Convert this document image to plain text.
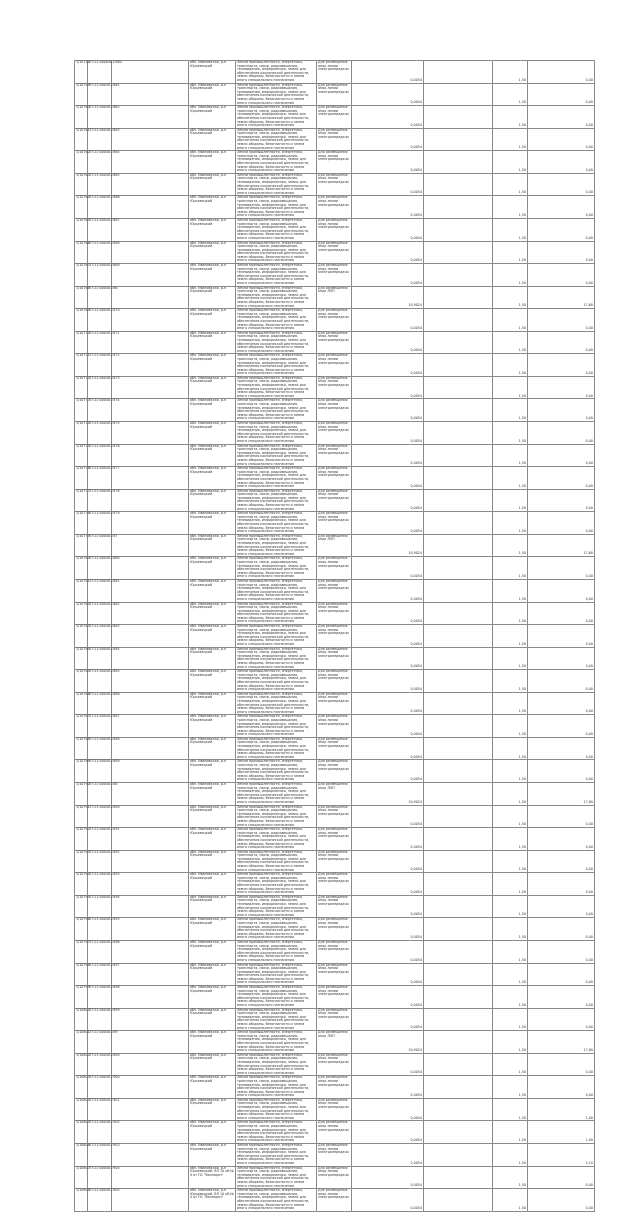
1/10758	27:22:0000401:860		обл. Ивановская, р-н Юрьевецкий	Земли промышленности, энергетики, транспорта, связи, радиовещания, телевидения, информатики, земли для обеспечения космической деятельности, земли обороны, безопасности и земли иного специального назначения	Для размещения опор линии электропередачи	0,0054		1,50	0,00

1/10759	37:22:000401:861		обл. Ивановская, р-н Юрьевецкий	Земли промышленности, энергетики, транспорта, связи, радиовещания, телевидения, информатики, земли для обеспечения космической деятельности, земли обороны, безопасности и земли иного специального назначения	Для размещения опор линии электропередачи	0,0054		1,50	0,00

1/10760	37:22:000401:862		обл. Ивановская, р-н Юрьевецкий	Земли промышленности, энергетики, транспорта, связи, радиовещания, телевидения, информатики, земли для обеспечения космической деятельности, земли обороны, безопасности и земли иного специального назначения	Для размещения опор линии электропередачи	0,0054		1,50	0,00

1/10761	37:22:000401:863		обл. Ивановская, р-н Юрьевецкий	Земли промышленности, энергетики, транспорта, связи, радиовещания, телевидения, информатики, земли для обеспечения космической деятельности, земли обороны, безопасности и земли иного специального назначения	Для размещения опор линии электропередачи	0,0054		1,50	0,00

1/10762	37:22:000401:864		обл. Ивановская, р-н Юрьевецкий	Земли промышленности, энергетики, транспорта, связи, радиовещания, телевидения, информатики, земли для обеспечения космической деятельности, земли обороны, безопасности и земли иного специального назначения	Для размещения опор линии электропередачи	0,0054		1,50	0,00

1/10763	37:22:000401:865		обл. Ивановская, р-н Юрьевецкий	Земли промышленности, энергетики, транспорта, связи, радиовещания, телевидения, информатики, земли для обеспечения космической деятельности, земли обороны, безопасности и земли иного специального назначения	Для размещения опор линии электропередачи	0,0054		1,50	0,00

1/10764	37:22:000401:866		обл. Ивановская, р-н Юрьевецкий	Земли промышленности, энергетики, транспорта, связи, радиовещания, телевидения, информатики, земли для обеспечения космической деятельности, земли обороны, безопасности и земли иного специального назначения	Для размещения опор линии электропередачи	0,0054		1,50	0,00

1/10765	37:22:000401:867		обл. Ивановская, р-н Юрьевецкий	Земли промышленности, энергетики, транспорта, связи, радиовещания, телевидения, информатики, земли для обеспечения космической деятельности, земли обороны, безопасности и земли иного специального назначения	Для размещения опор линии электропередачи	0,0054		1,50	0,00

1/10766	37:22:000401:868		обл. Ивановская, р-н Юрьевецкий	Земли промышленности, энергетики, транспорта, связи, радиовещания, телевидения, информатики, земли для обеспечения космической деятельности, земли обороны, безопасности и земли иного специального назначения	Для размещения опор линии электропередачи	0,0054		1,50	0,00

1/10767	37:22:000401:869		обл. Ивановская, р-н Юрьевецкий	Земли промышленности, энергетики, транспорта, связи, радиовещания, телевидения, информатики, земли для обеспечения космической деятельности, земли обороны, безопасности и земли иного специального назначения	Для размещения опор линии электропередачи	0,0054		1,50	0,00

1/10768	37:22:000401:86		обл. Ивановская, р-н Юрьевецкий	Земли промышленности, энергетики, транспорта, связи, радиовещания, телевидения, информатики, земли для обеспечения космической деятельности, земли обороны, безопасности и земли иного специального назначения	Для размещения опор ЛЭП	10,9024		1,50	17,60

1/10769	37:22:000401:870		обл. Ивановская, р-н Юрьевецкий	Земли промышленности, энергетики, транспорта, связи, радиовещания, телевидения, информатики, земли для обеспечения космической деятельности, земли обороны, безопасности и земли иного специального назначения	Для размещения опор линии электропередачи	0,0054		1,50	0,00

1/10770	37:22:000401:871		обл. Ивановская, р-н Юрьевецкий	Земли промышленности, энергетики, транспорта, связи, радиовещания, телевидения, информатики, земли для обеспечения космической деятельности, земли обороны, безопасности и земли иного специального назначения	Для размещения опор линии электропередачи	0,0054		1,50	0,00

1/10771	37:22:000401:872		обл. Ивановская, р-н Юрьевецкий	Земли промышленности, энергетики, транспорта, связи, радиовещания, телевидения, информатики, земли для обеспечения космической деятельности, земли обороны, безопасности и земли иного специального назначения	Для размещения опор линии электропередачи	0,0054		1,50	0,00

1/10772	37:22:000401:873		обл. Ивановская, р-н Юрьевецкий	Земли промышленности, энергетики, транспорта, связи, радиовещания, телевидения, информатики, земли для обеспечения космической деятельности, земли обороны, безопасности и земли иного специального назначения	Для размещения опор линии электропередачи	0,0054		1,50	0,00

1/10773	37:22:000401:874		обл. Ивановская, р-н Юрьевецкий	Земли промышленности, энергетики, транспорта, связи, радиовещания, телевидения, информатики, земли для обеспечения космической деятельности, земли обороны, безопасности и земли иного специального назначения	Для размещения опор линии электропередачи	0,0054		1,50	0,00

1/10774	37:22:000401:875		обл. Ивановская, р-н Юрьевецкий	Земли промышленности, энергетики, транспорта, связи, радиовещания, телевидения, информатики, земли для обеспечения космической деятельности, земли обороны, безопасности и земли иного специального назначения	Для размещения опор линии электропередачи	0,0054		1,50	0,00

1/10775	37:22:000401:876		обл. Ивановская, р-н Юрьевецкий	Земли промышленности, энергетики, транспорта, связи, радиовещания, телевидения, информатики, земли для обеспечения космической деятельности, земли обороны, безопасности и земли иного специального назначения	Для размещения опор линии электропередачи	0,0054		1,50	0,00

1/10776	37:22:000401:877		обл. Ивановская, р-н Юрьевецкий	Земли промышленности, энергетики, транспорта, связи, радиовещания, телевидения, информатики, земли для обеспечения космической деятельности, земли обороны, безопасности и земли иного специального назначения	Для размещения опор линии электропередачи	0,0054		1,50	0,00

1/10777	37:22:000401:878		обл. Ивановская, р-н Юрьевецкий	Земли промышленности, энергетики, транспорта, связи, радиовещания, телевидения, информатики, земли для обеспечения космической деятельности, земли обороны, безопасности и земли иного специального назначения	Для размещения опор линии электропередачи	0,0054		1,50	0,00

1/10778	37:22:000401:879		обл. Ивановская, р-н Юрьевецкий	Земли промышленности, энергетики, транспорта, связи, радиовещания, телевидения, информатики, земли для обеспечения космической деятельности, земли обороны, безопасности и земли иного специального назначения	Для размещения опор линии электропередачи	0,0054		1,50	0,00

1/10779	37:22:000401:87		обл. Ивановская, р-н Юрьевецкий	Земли промышленности, энергетики, транспорта, связи, радиовещания, телевидения, информатики, земли для обеспечения космической деятельности, земли обороны, безопасности и земли иного специального назначения	Для размещения опор ЛЭП	10,9024		1,50	17,60

1/10780	37:22:000401:880		обл. Ивановская, р-н Юрьевецкий	Земли промышленности, энергетики, транспорта, связи, радиовещания, телевидения, информатики, земли для обеспечения космической деятельности, земли обороны, безопасности и земли иного специального назначения	Для размещения опор линии электропередачи	0,0054		1,50	0,00

1/10781	37:22:000401:881		обл. Ивановская, р-н Юрьевецкий	Земли промышленности, энергетики, транспорта, связи, радиовещания, телевидения, информатики, земли для обеспечения космической деятельности, земли обороны, безопасности и земли иного специального назначения	Для размещения опор линии электропередачи	0,0054		1,50	0,00

1/10782	37:22:000401:882		обл. Ивановская, р-н Юрьевецкий	Земли промышленности, энергетики, транспорта, связи, радиовещания, телевидения, информатики, земли для обеспечения космической деятельности, земли обороны, безопасности и земли иного специального назначения	Для размещения опор линии электропередачи	0,0054		1,50	0,00

1/10783	37:22:000401:883		обл. Ивановская, р-н Юрьевецкий	Земли промышленности, энергетики, транспорта, связи, радиовещания, телевидения, информатики, земли для обеспечения космической деятельности, земли обороны, безопасности и земли иного специального назначения	Для размещения опор линии электропередачи	0,0054		1,50	0,00

1/10784	37:22:000401:884		обл. Ивановская, р-н Юрьевецкий	Земли промышленности, энергетики, транспорта, связи, радиовещания, телевидения, информатики, земли для обеспечения космической деятельности, земли обороны, безопасности и земли иного специального назначения	Для размещения опор линии электропередачи	0,0054		1,50	0,00

1/10785	37:22:000401:885		обл. Ивановская, р-н Юрьевецкий	Земли промышленности, энергетики, транспорта, связи, радиовещания, телевидения, информатики, земли для обеспечения космической деятельности, земли обороны, безопасности и земли иного специального назначения	Для размещения опор линии электропередачи	0,0054		1,50	0,00

1/10786	37:22:000401:886		обл. Ивановская, р-н Юрьевецкий	Земли промышленности, энергетики, транспорта, связи, радиовещания, телевидения, информатики, земли для обеспечения космической деятельности, земли обороны, безопасности и земли иного специального назначения	Для размещения опор линии электропередачи	0,0054		1,50	0,00

1/10787	37:22:000401:887		обл. Ивановская, р-н Юрьевецкий	Земли промышленности, энергетики, транспорта, связи, радиовещания, телевидения, информатики, земли для обеспечения космической деятельности, земли обороны, безопасности и земли иного специального назначения	Для размещения опор линии электропередачи	0,0054		1,50	0,00

1/10788	37:22:000401:888		обл. Ивановская, р-н Юрьевецкий	Земли промышленности, энергетики, транспорта, связи, радиовещания, телевидения, информатики, земли для обеспечения космической деятельности, земли обороны, безопасности и земли иного специального назначения	Для размещения опор линии электропередачи	0,0054		1,50	0,00

1/10789	37:22:000401:889		обл. Ивановская, р-н Юрьевецкий	Земли промышленности, энергетики, транспорта, связи, радиовещания, телевидения, информатики, земли для обеспечения космической деятельности, земли обороны, безопасности и земли иного специального назначения	Для размещения опор линии электропередачи	0,0054		1,50	0,00

1/10790	37:22:000401:88		обл. Ивановская, р-н Юрьевецкий	Земли промышленности, энергетики, транспорта, связи, радиовещания, телевидения, информатики, земли для обеспечения космической деятельности, земли обороны, безопасности и земли иного специального назначения	Для размещения опор ЛЭП	10,9024		1,50	17,60

1/10791	37:22:000401:890		обл. Ивановская, р-н Юрьевецкий	Земли промышленности, энергетики, транспорта, связи, радиовещания, телевидения, информатики, земли для обеспечения космической деятельности, земли обороны, безопасности и земли иного специального назначения	Для размещения опор линии электропередачи	0,0054		1,50	0,00

1/10792	37:22:000401:891		обл. Ивановская, р-н Юрьевецкий	Земли промышленности, энергетики, транспорта, связи, радиовещания, телевидения, информатики, земли для обеспечения космической деятельности, земли обороны, безопасности и земли иного специального назначения	Для размещения опор линии электропередачи	0,0054		1,50	0,00

1/10793	37:22:000401:892		обл. Ивановская, р-н Юрьевецкий	Земли промышленности, энергетики, транспорта, связи, радиовещания, телевидения, информатики, земли для обеспечения космической деятельности, земли обороны, безопасности и земли иного специального назначения	Для размещения опор линии электропередачи	0,0054		1,50	0,00

1/10794	37:22:000401:893		обл. Ивановская, р-н Юрьевецкий	Земли промышленности, энергетики, транспорта, связи, радиовещания, телевидения, информатики, земли для обеспечения космической деятельности, земли обороны, безопасности и земли иного специального назначения	Для размещения опор линии электропередачи	0,0054		1,50	0,00

1/10795	37:22:000401:894		обл. Ивановская, р-н Юрьевецкий	Земли промышленности, энергетики, транспорта, связи, радиовещания, телевидения, информатики, земли для обеспечения космической деятельности, земли обороны, безопасности и земли иного специального назначения	Для размещения опор линии электропередачи	0,0054		1,50	0,00

1/10796	37:22:000401:895		обл. Ивановская, р-н Юрьевецкий	Земли промышленности, энергетики, транспорта, связи, радиовещания, телевидения, информатики, земли для обеспечения космической деятельности, земли обороны, безопасности и земли иного специального назначения	Для размещения опор линии электропередачи	0,0054		1,50	0,00

1/10797	37:22:000401:896		обл. Ивановская, р-н Юрьевецкий	Земли промышленности, энергетики, транспорта, связи, радиовещания, телевидения, информатики, земли для обеспечения космической деятельности, земли обороны, безопасности и земли иного специального назначения	Для размещения опор линии электропередачи	0,0054		1,50	0,00

1/10798	37:22:000401:897		обл. Ивановская, р-н Юрьевецкий	Земли промышленности, энергетики, транспорта, связи, радиовещания, телевидения, информатики, земли для обеспечения космической деятельности, земли обороны, безопасности и земли иного специального назначения	Для размещения опор линии электропередачи	0,0054		1,50	0,00

1/10799	37:22:000401:898		обл. Ивановская, р-н Юрьевецкий	Земли промышленности, энергетики, транспорта, связи, радиовещания, телевидения, информатики, земли для обеспечения космической деятельности, земли обороны, безопасности и земли иного специального назначения	Для размещения опор линии электропередачи	0,0054		1,50	0,00

1/10800	37:22:000401:899		обл. Ивановская, р-н Юрьевецкий	Земли промышленности, энергетики, транспорта, связи, радиовещания, телевидения, информатики, земли для обеспечения космической деятельности, земли обороны, безопасности и земли иного специального назначения	Для размещения опор линии электропередачи	0,0054		1,50	0,00

1/10801	37:22:000401:89		обл. Ивановская, р-н Юрьевецкий	Земли промышленности, энергетики, транспорта, связи, радиовещания, телевидения, информатики, земли для обеспечения космической деятельности, земли обороны, безопасности и земли иного специального назначения	Для размещения опор ЛЭП	10,9024		1,50	17,60

1/10802	37:22:000401:890		обл. Ивановская, р-н Юрьевецкий	Земли промышленности, энергетики, транспорта, связи, радиовещания, телевидения, информатики, земли для обеспечения космической деятельности, земли обороны, безопасности и земли иного специального назначения	Для размещения опор линии электропередачи	0,0054		1,50	0,00

1/10803	37:22:000401:900		обл. Ивановская, р-н Юрьевецкий	Земли промышленности, энергетики, транспорта, связи, радиовещания, телевидения, информатики, земли для обеспечения космической деятельности, земли обороны, безопасности и земли иного специального назначения	Для размещения опор линии электропередачи	0,0054		1,50	0,00

1/10804	37:22:000401:901		обл. Ивановская, р-н Юрьевецкий	Земли промышленности, энергетики, транспорта, связи, радиовещания, телевидения, информатики, земли для обеспечения космической деятельности, земли обороны, безопасности и земли иного специального назначения	Для размещения опор линии электропередачи	0,0054		1,50	1,00

1/10805	37:22:000401:902		обл. Ивановская, р-н Юрьевецкий	Земли промышленности, энергетики, транспорта, связи, радиовещания, телевидения, информатики, земли для обеспечения космической деятельности, земли обороны, безопасности и земли иного специального назначения	Для размещения опор линии электропередачи	0,0054		1,50	1,00

1/10806	37:22:000401:903		обл. Ивановская, р-н Юрьевецкий	Земли промышленности, энергетики, транспорта, связи, радиовещания, телевидения, информатики, земли для обеспечения космической деятельности, земли обороны, безопасности и земли иного специального назначения	Для размещения опор линии электропередачи	2,0054		1,50	2,10

1/10807	37:22:000401:904		обл. Ивановская, р-н Юрьевецкий, ВЛ 10 кВ № 4 от ПС "Волнорез"	Земли промышленности, энергетики, транспорта, связи, радиовещания, телевидения, информатики, земли для обеспечения космической деятельности, земли обороны, безопасности и земли иного специального назначения	Для размещения опор линии электропередачи	0,0054		1,50	0,00

1/10808	37:22:000401:905		обл. Ивановская, р-н Юрьевецкий, ВЛ 10 кВ № 4 от ПС "Волнорез"	Земли промышленности, энергетики, транспорта, связи, радиовещания, телевидения, информатики, земли для обеспечения космической деятельности, земли обороны, безопасности и земли иного специального назначения	Для размещения опор линии электропередачи	0,0054		1,50	0,00
